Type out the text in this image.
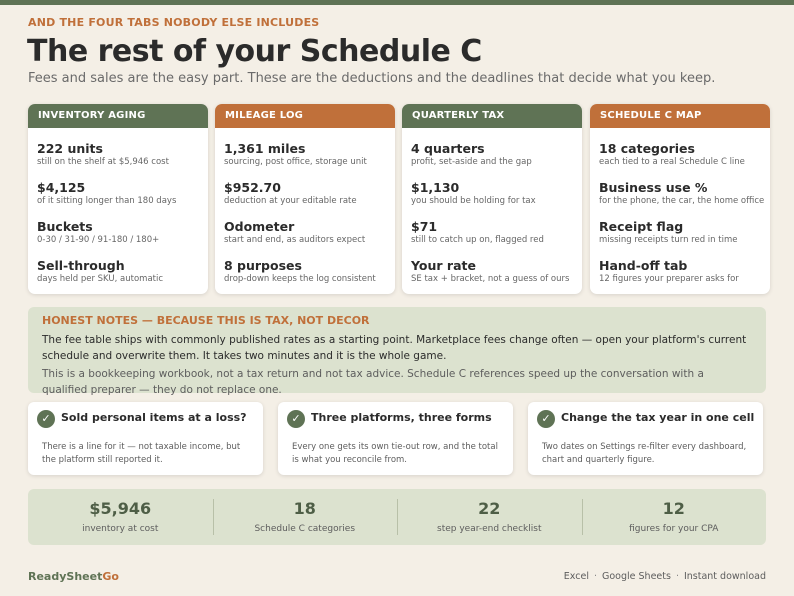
AND THE FOUR TABS NOBODY ELSE INCLUDES
The rest of your Schedule C
Fees and sales are the easy part. These are the deductions and the deadlines that decide what you keep.
INVENTORY AGING
222 units
still on the shelf at $5,946 cost
$4,125
of it sitting longer than 180 days
Buckets
0-30 / 31-90 / 91-180 / 180+
Sell-through
days held per SKU, automatic
MILEAGE LOG
1,361 miles
sourcing, post office, storage unit
$952.70
deduction at your editable rate
Odometer
start and end, as auditors expect
8 purposes
drop-down keeps the log consistent
QUARTERLY TAX
4 quarters
profit, set-aside and the gap
$1,130
you should be holding for tax
$71
still to catch up on, flagged red
Your rate
SE tax + bracket, not a guess of ours
SCHEDULE C MAP
18 categories
each tied to a real Schedule C line
Business use %
for the phone, the car, the home office
Receipt flag
missing receipts turn red in time
Hand-off tab
12 figures your preparer asks for
HONEST NOTES — BECAUSE THIS IS TAX, NOT DECOR
The fee table ships with commonly published rates as a starting point. Marketplace fees change often — open your platform's current schedule and overwrite them. It takes two minutes and it is the whole game.
This is a bookkeeping workbook, not a tax return and not tax advice. Schedule C references speed up the conversation with a qualified preparer — they do not replace one.
✓ Sold personal items at a loss?
There is a line for it — not taxable income, but the platform still reported it.
✓ Three platforms, three forms
Every one gets its own tie-out row, and the total is what you reconcile from.
✓ Change the tax year in one cell
Two dates on Settings re-filter every dashboard, chart and quarterly figure.
$5,946
inventory at cost
18
Schedule C categories
22
step year-end checklist
12
figures for your CPA
ReadySheetGo	Excel · Google Sheets · Instant download
